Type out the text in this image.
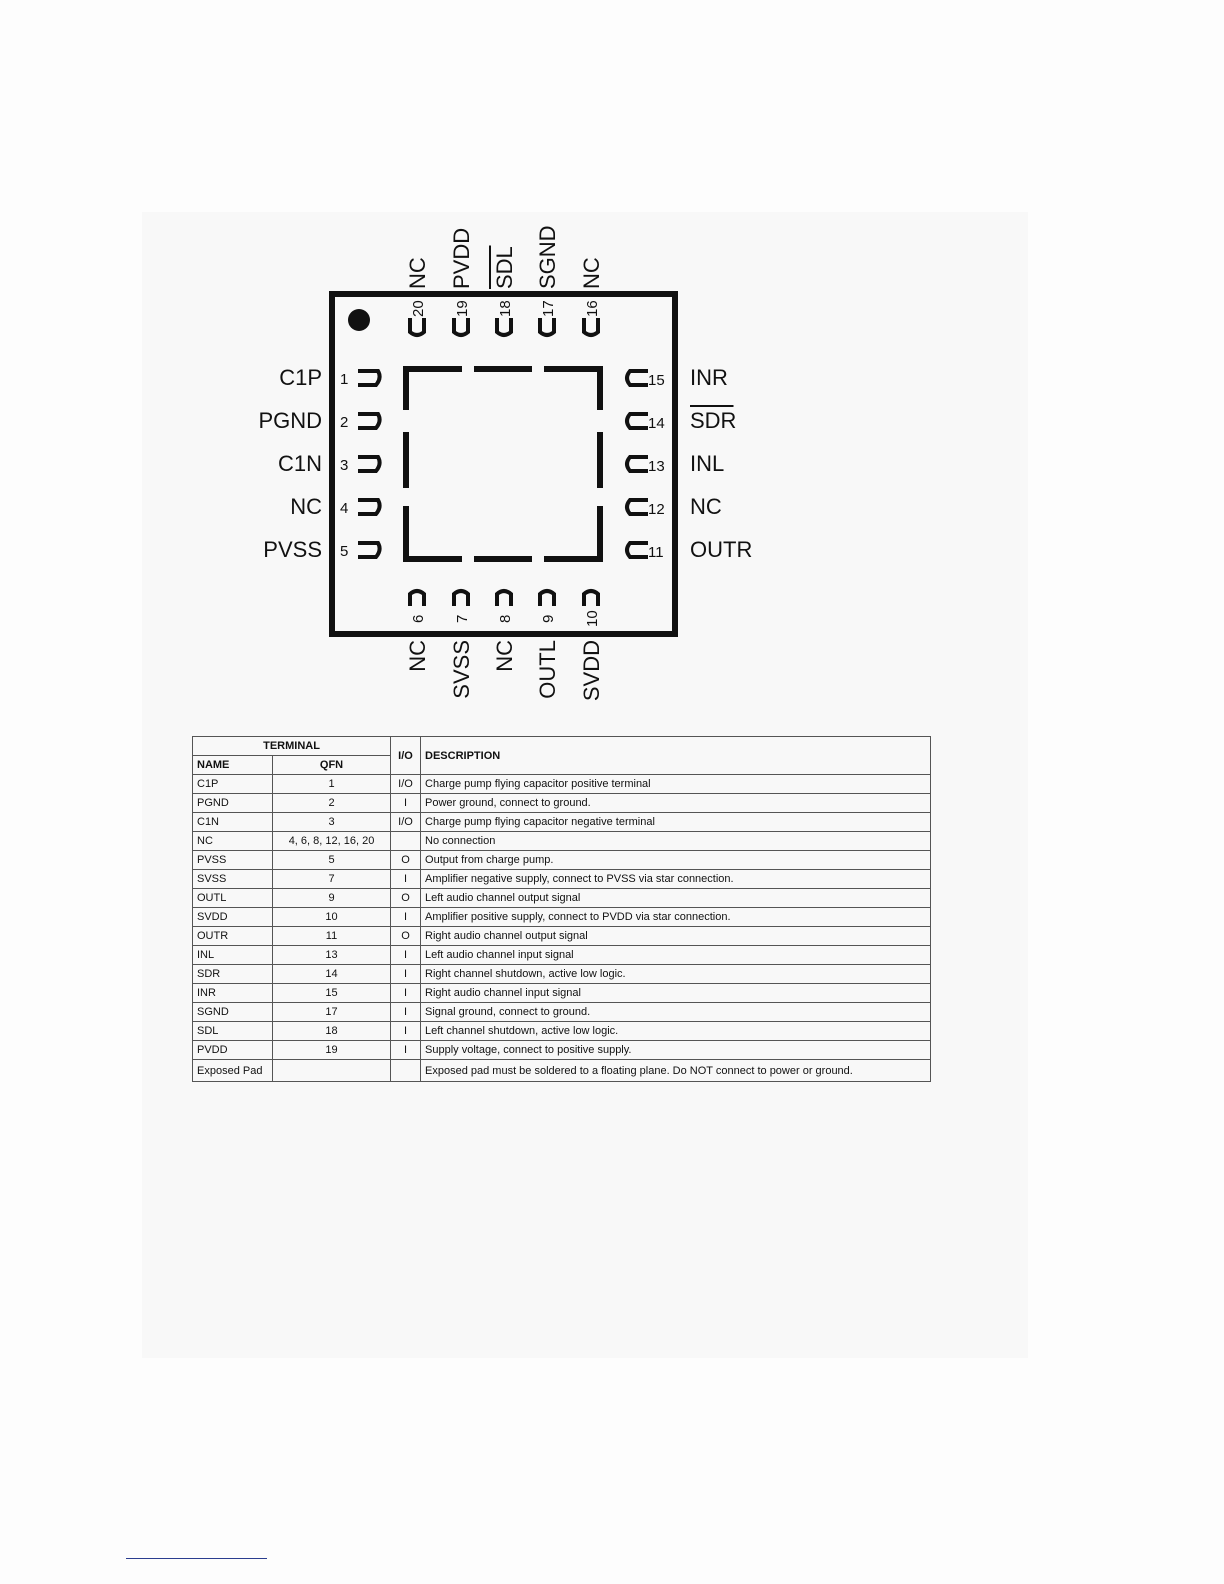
1
C1P
2
PGND
3
C1N
4
NC
5
PVSS
15 INR
14 SDR
13 INL
12 NC
11 OUTR
20
NC
19
PVDD
18
SDL
17
SGND
16
NC
6
NC
7
SVSS
8
NC
9
OUTL
10
SVDD
TERMINAL		I/O	DESCRIPTION
NAME	QFN		
C1P	1	I/O	Charge pump flying capacitor positive terminal
PGND	2	I	Power ground, connect to ground.
C1N	3	I/O	Charge pump flying capacitor negative terminal
NC	4, 6, 8, 12, 16, 20		No connection
PVSS	5	O	Output from charge pump.
SVSS	7	I	Amplifier negative supply, connect to PVSS via star connection.
OUTL	9	O	Left audio channel output signal
SVDD	10	I	Amplifier positive supply, connect to PVDD via star connection.
OUTR	11	O	Right audio channel output signal
INL	13	I	Left audio channel input signal
SDR	14	I	Right channel shutdown, active low logic.
INR	15	I	Right audio channel input signal
SGND	17	I	Signal ground, connect to ground.
SDL	18	I	Left channel shutdown, active low logic.
PVDD	19	I	Supply voltage, connect to positive supply.
Exposed Pad			Exposed pad must be soldered to a floating plane. Do NOT connect to power or ground.
